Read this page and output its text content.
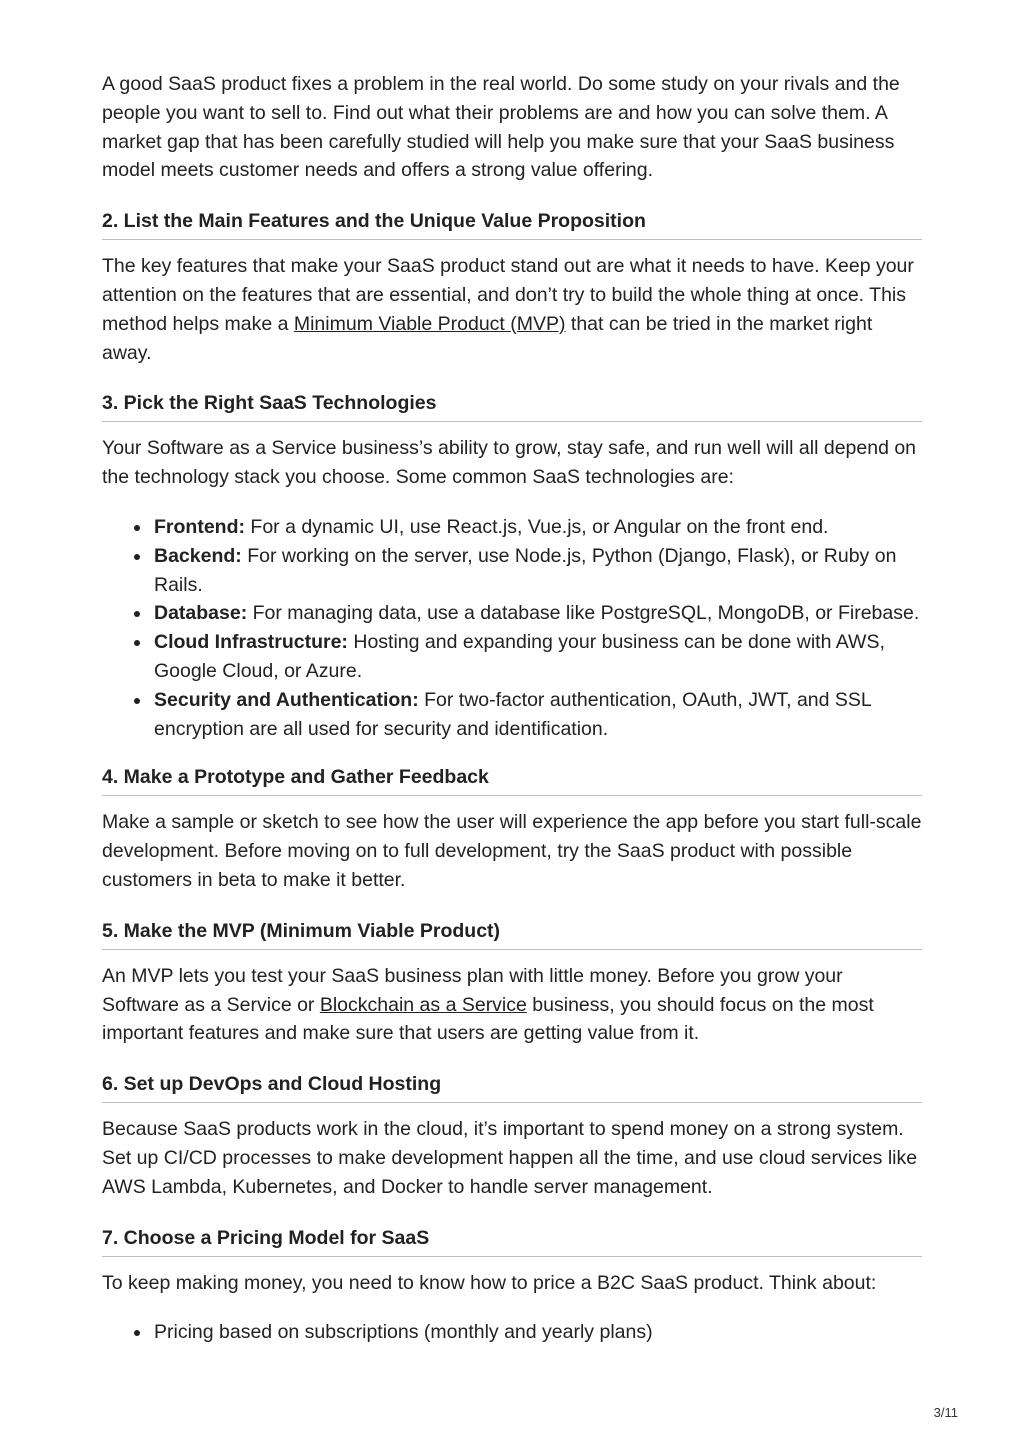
A good SaaS product fixes a problem in the real world. Do some study on your rivals and the people you want to sell to. Find out what their problems are and how you can solve them. A market gap that has been carefully studied will help you make sure that your SaaS business model meets customer needs and offers a strong value offering.

2. List the Main Features and the Unique Value Proposition

The key features that make your SaaS product stand out are what it needs to have. Keep your attention on the features that are essential, and don’t try to build the whole thing at once. This method helps make a Minimum Viable Product (MVP) that can be tried in the market right away.

3. Pick the Right SaaS Technologies

Your Software as a Service business’s ability to grow, stay safe, and run well will all depend on the technology stack you choose. Some common SaaS technologies are:

Frontend: For a dynamic UI, use React.js, Vue.js, or Angular on the front end.
Backend: For working on the server, use Node.js, Python (Django, Flask), or Ruby on Rails.
Database: For managing data, use a database like PostgreSQL, MongoDB, or Firebase.
Cloud Infrastructure: Hosting and expanding your business can be done with AWS, Google Cloud, or Azure.
Security and Authentication: For two-factor authentication, OAuth, JWT, and SSL encryption are all used for security and identification.
4. Make a Prototype and Gather Feedback

Make a sample or sketch to see how the user will experience the app before you start full-scale development. Before moving on to full development, try the SaaS product with possible customers in beta to make it better.

5. Make the MVP (Minimum Viable Product)

An MVP lets you test your SaaS business plan with little money. Before you grow your Software as a Service or Blockchain as a Service business, you should focus on the most important features and make sure that users are getting value from it.

6. Set up DevOps and Cloud Hosting

Because SaaS products work in the cloud, it’s important to spend money on a strong system. Set up CI/CD processes to make development happen all the time, and use cloud services like AWS Lambda, Kubernetes, and Docker to handle server management.

7. Choose a Pricing Model for SaaS

To keep making money, you need to know how to price a B2C SaaS product. Think about:

Pricing based on subscriptions (monthly and yearly plans)
3/11
